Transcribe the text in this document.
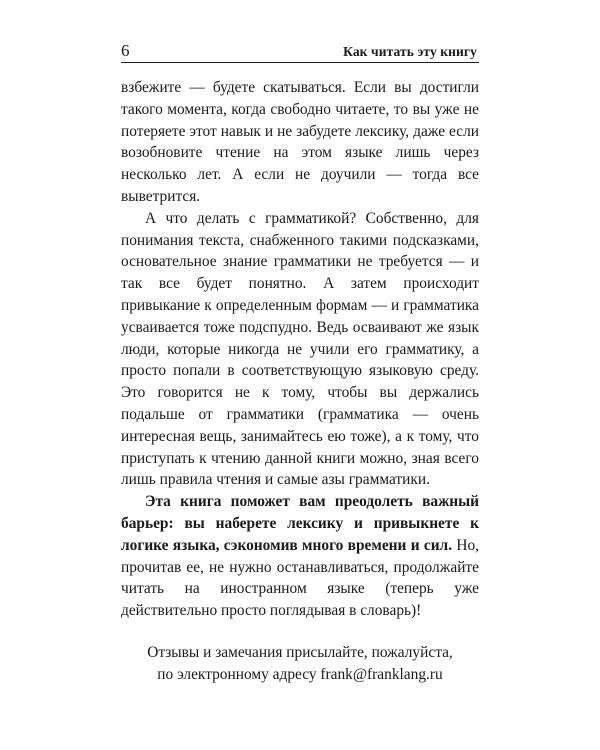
6	Как читать эту книгу

взбежите — будете скатываться. Если вы достигли такого момента, когда свободно читаете, то вы уже не потеряете этот навык и не забудете лексику, даже если возобновите чтение на этом языке лишь через несколько лет. А если не доучили — тогда все выветрится.

А что делать с грамматикой? Собственно, для понимания текста, снабженного такими подсказками, основательное знание грамматики не требуется — и так все будет понятно. А затем происходит привыкание к определенным формам — и грамматика усваивается тоже подспудно. Ведь осваивают же язык люди, которые никогда не учили его грамматику, а просто попали в соответствующую языковую среду. Это говорится не к тому, чтобы вы держались подальше от грамматики (грамматика — очень интересная вещь, занимайтесь ею тоже), а к тому, что приступать к чтению данной книги можно, зная всего лишь правила чтения и самые азы грамматики.

Эта книга поможет вам преодолеть важный барьер: вы наберете лексику и привыкнете к логике языка, сэкономив много времени и сил. Но, прочитав ее, не нужно останавливаться, продолжайте читать на иностранном языке (теперь уже действительно просто поглядывая в словарь)!

Отзывы и замечания присылайте, пожалуйста,

по электронному адресу frank@franklang.ru
